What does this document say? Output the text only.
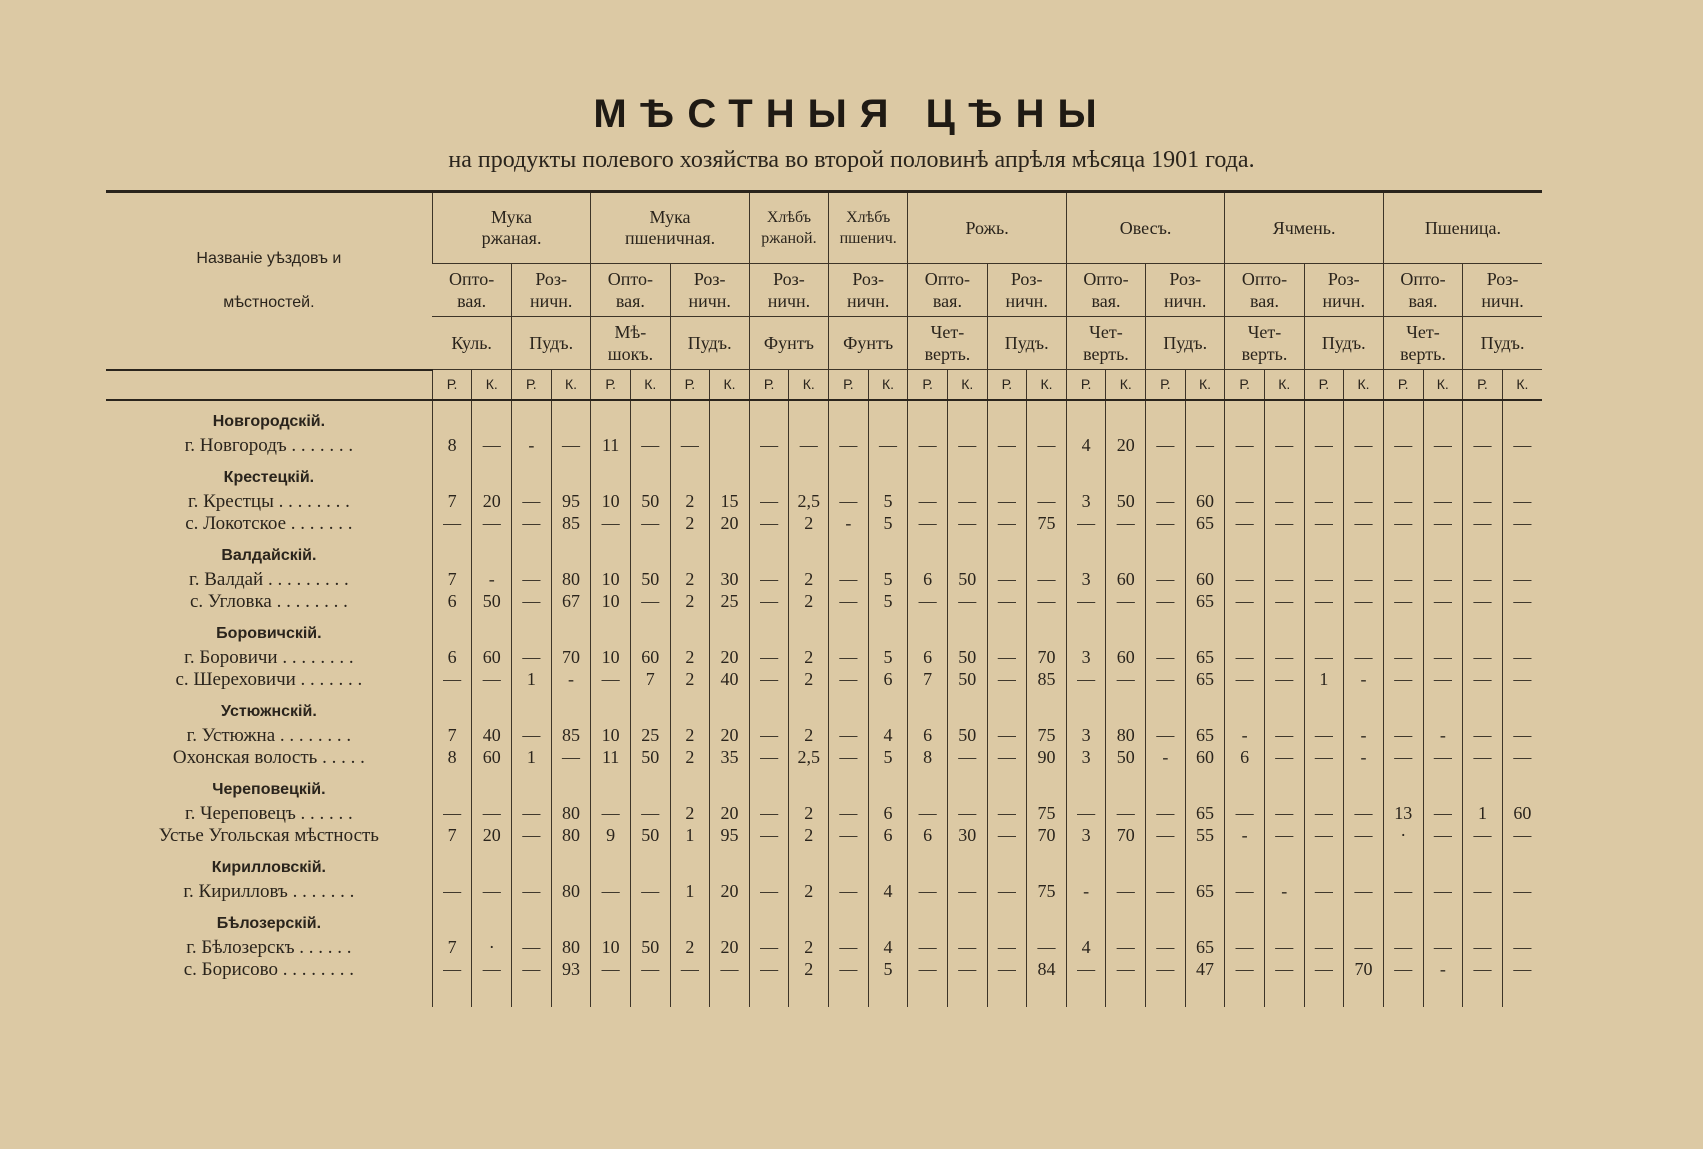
МѢСТНЫЯ ЦѢНЫ
на продукты полевого хозяйства во второй половинѣ апрѣля мѣсяца 1901 года.
Названіе уѣздовъ и
мѣстностей.	Мука
ржаная.				Мука
пшеничная.				Хлѣбъ
ржаной.		Хлѣбъ
пшенич.		Рожь.				Овесъ.				Ячмень.				Пшеница.			
	Опто-
вая.		Роз-
ничн.		Опто-
вая.		Роз-
ничн.		Роз-
ничн.		Роз-
ничн.		Опто-
вая.		Роз-
ничн.		Опто-
вая.		Роз-
ничн.		Опто-
вая.		Роз-
ничн.		Опто-
вая.		Роз-
ничн.	
	Куль.		Пудъ.		Мѣ-
шокъ.		Пудъ.		Фунтъ		Фунтъ		Чет-
верть.		Пудъ.		Чет-
верть.		Пудъ.		Чет-
верть.		Пудъ.		Чет-
верть.		Пудъ.	
	Р.	К.	Р.	К.	Р.	К.	Р.	К.	Р.	К.	Р.	К.	Р.	К.	Р.	К.	Р.	К.	Р.	К.	Р.	К.	Р.	К.	Р.	К.	Р.	К.
Новгородскій.																												
г. Новгородъ . . . . . . .	8	—	-	—	11	—	—		—	—	—	—	—	—	—	—	4	20	—	—	—	—	—	—	—	—	—	—
Крестецкій.																												
г. Крестцы . . . . . . . .	7	20	—	95	10	50	2	15	—	2,5	—	5	—	—	—	—	3	50	—	60	—	—	—	—	—	—	—	—
с. Локотское . . . . . . .	—	—	—	85	—	—	2	20	—	2	-	5	—	—	—	75	—	—	—	65	—	—	—	—	—	—	—	—
Валдайскій.																												
г. Валдай . . . . . . . . .	7	-	—	80	10	50	2	30	—	2	—	5	6	50	—	—	3	60	—	60	—	—	—	—	—	—	—	—
с. Угловка . . . . . . . .	6	50	—	67	10	—	2	25	—	2	—	5	—	—	—	—	—	—	—	65	—	—	—	—	—	—	—	—
Боровичскій.																												
г. Боровичи . . . . . . . .	6	60	—	70	10	60	2	20	—	2	—	5	6	50	—	70	3	60	—	65	—	—	—	—	—	—	—	—
с. Шереховичи . . . . . . .	—	—	1	-	—	7	2	40	—	2	—	6	7	50	—	85	—	—	—	65	—	—	1	-	—	—	—	—
Устюжнскій.																												
г. Устюжна . . . . . . . .	7	40	—	85	10	25	2	20	—	2	—	4	6	50	—	75	3	80	—	65	-	—	—	-	—	-	—	—
Охонская волость . . . . .	8	60	1	—	11	50	2	35	—	2,5	—	5	8	—	—	90	3	50	-	60	6	—	—	-	—	—	—	—
Череповецкій.																												
г. Череповецъ . . . . . .	—	—	—	80	—	—	2	20	—	2	—	6	—	—	—	75	—	—	—	65	—	—	—	—	13	—	1	60
Устье Угольская мѣстность	7	20	—	80	9	50	1	95	—	2	—	6	6	30	—	70	3	70	—	55	-	—	—	—	·	—	—	—
Кирилловскій.																												
г. Кирилловъ . . . . . . .	—	—	—	80	—	—	1	20	—	2	—	4	—	—	—	75	-	—	—	65	—	-	—	—	—	—	—	—
Бѣлозерскій.																												
г. Бѣлозерскъ . . . . . .	7	·	—	80	10	50	2	20	—	2	—	4	—	—	—	—	4	—	—	65	—	—	—	—	—	—	—	—
с. Борисово . . . . . . . .	—	—	—	93	—	—	—	—	—	2	—	5	—	—	—	84	—	—	—	47	—	—	—	70	—	-	—	—
